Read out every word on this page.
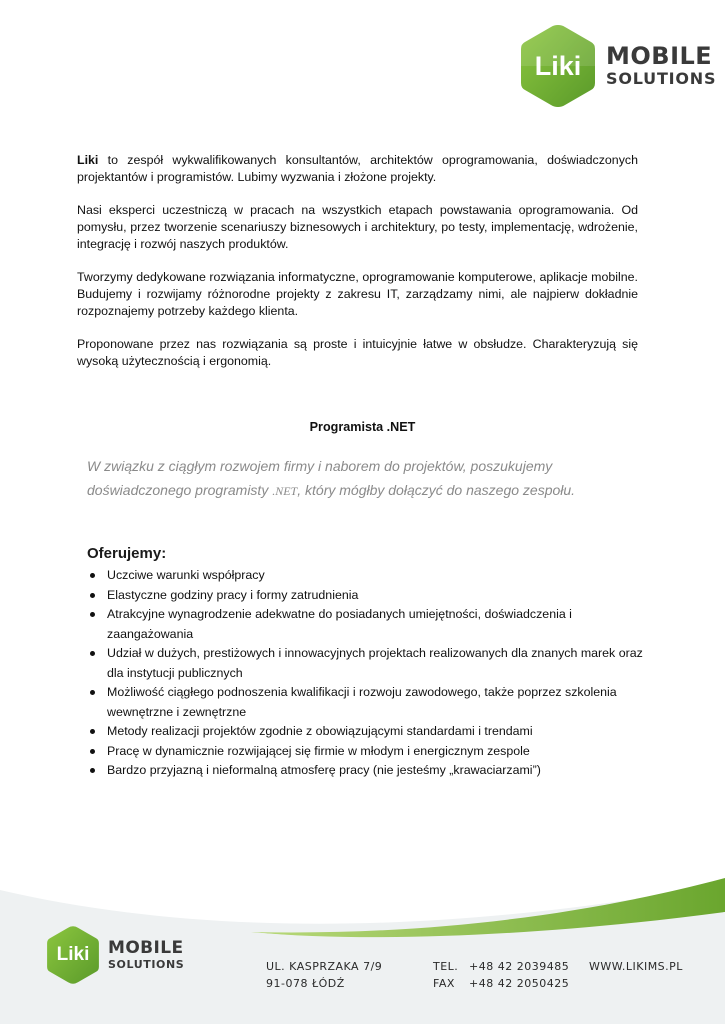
Liki	MOBILE
SOLUTIONS

Liki to zespół wykwalifikowanych konsultantów, architektów oprogramowania, doświadczonych projektantów i programistów. Lubimy wyzwania i złożone projekty.

Nasi eksperci uczestniczą w pracach na wszystkich etapach powstawania oprogramowania. Od pomysłu, przez tworzenie scenariuszy biznesowych i architektury, po testy, implementację, wdrożenie, integrację i rozwój naszych produktów.

Tworzymy dedykowane rozwiązania informatyczne, oprogramowanie komputerowe, aplikacje mobilne. Budujemy i rozwijamy różnorodne projekty z zakresu IT, zarządzamy nimi, ale najpierw dokładnie rozpoznajemy potrzeby każdego klienta.

Proponowane przez nas rozwiązania są proste i intuicyjnie łatwe w obsłudze. Charakteryzują się wysoką użytecznością i ergonomią.

Programista .NET
W związku z ciągłym rozwojem firmy i naborem do projektów, poszukujemy doświadczonego programisty .NET, który mógłby dołączyć do naszego zespołu.
Oferujemy:
Uczciwe warunki współpracy
Elastyczne godziny pracy i formy zatrudnienia
Atrakcyjne wynagrodzenie adekwatne do posiadanych umiejętności, doświadczenia i zaangażowania
Udział w dużych, prestiżowych i innowacyjnych projektach realizowanych dla znanych marek oraz dla instytucji publicznych
Możliwość ciągłego podnoszenia kwalifikacji i rozwoju zawodowego, także poprzez szkolenia wewnętrzne i zewnętrzne
Metody realizacji projektów zgodnie z obowiązującymi standardami i trendami
Pracę w dynamicznie rozwijającej się firmie w młodym i energicznym zespole
Bardzo przyjazną i nieformalną atmosferę pracy (nie jesteśmy „krawaciarzami”)
Liki	MOBILE
SOLUTIONS	UL. KASPRZAKA 7/9
91-078 ŁÓDŹ
TEL. +48 42 2039485
FAX +48 42 2050425
WWW.LIKIMS.PL
